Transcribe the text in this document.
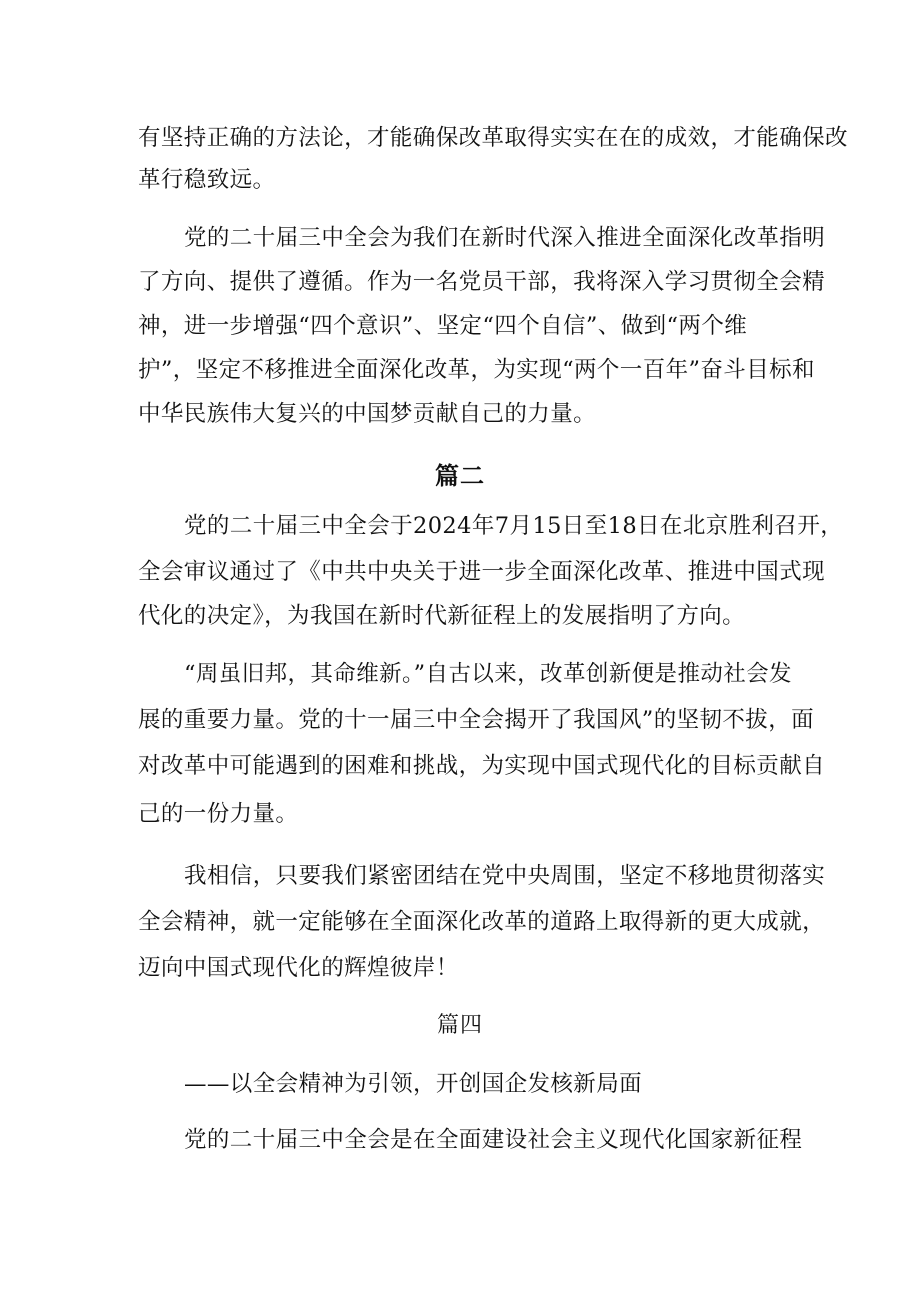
有坚持正确的方法论，才能确保改革取得实实在在的成效，才能确保改
革行稳致远。
党的二十届三中全会为我们在新时代深入推进全面深化改革指明
了方向、提供了遵循。作为一名党员干部，我将深入学习贯彻全会精
神，进一步增强“四个意识”、坚定“四个自信”、做到“两个维
护”，坚定不移推进全面深化改革，为实现“两个一百年”奋斗目标和
中华民族伟大复兴的中国梦贡献自己的力量。
篇二
党的二十届三中全会于2024年7月15日至18日在北京胜利召开，
全会审议通过了《中共中央关于进一步全面深化改革、推进中国式现
代化的决定》，为我国在新时代新征程上的发展指明了方向。
“周虽旧邦，其命维新。”自古以来，改革创新便是推动社会发
展的重要力量。党的十一届三中全会揭开了我国风”的坚韧不拔，面
对改革中可能遇到的困难和挑战，为实现中国式现代化的目标贡献自
己的一份力量。
我相信，只要我们紧密团结在党中央周围，坚定不移地贯彻落实
全会精神，就一定能够在全面深化改革的道路上取得新的更大成就，
迈向中国式现代化的辉煌彼岸！
篇四
——以全会精神为引领，开创国企发核新局面
党的二十届三中全会是在全面建设社会主义现代化国家新征程
